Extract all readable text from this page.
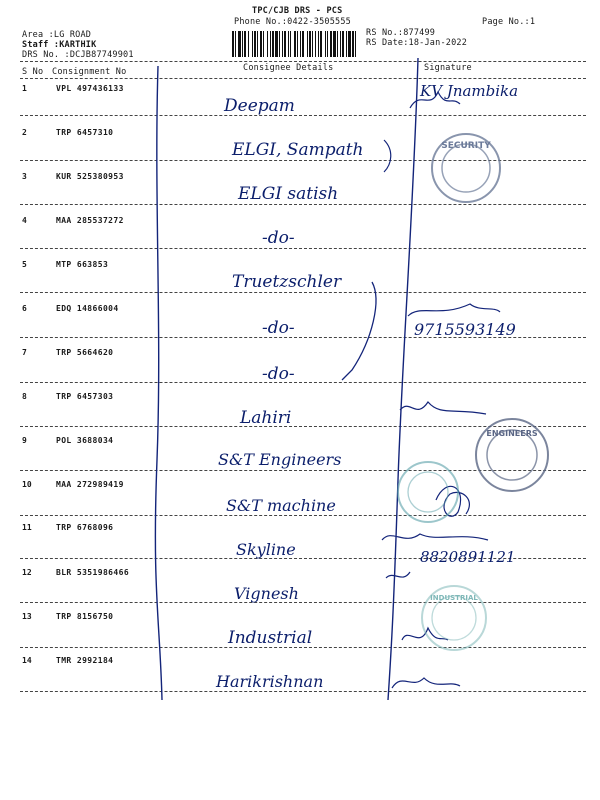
TPC/CJB DRS - PCS
Phone No.:0422-3505555	Page No.:1
Area :LG ROAD
Staff :KARTHIK
DRS No. :DCJB87749901
RS No.:877499
RS Date:18-Jan-2022
S No Consignment No	Consignee Details	Signature
1	VPL 497436133
Deepam
KV Jnambika
2	TRP 6457310
ELGI, Sampath
3	KUR 525380953
ELGI satish
4	MAA 285537272
-do-
5	MTP 663853
Truetzschler
6	EDQ 14866004
-do-	9715593149
7	TRP 5664620
-do-
8	TRP 6457303
Lahiri
9	POL 3688034
S&T Engineers
10	MAA 272989419
S&T machine
11	TRP 6768096
Skyline	8820891121
12	BLR 5351986466
Vignesh
13	TRP 8156750
Industrial
14	TMR 2992184
Harikrishnan
SECURITY
ENGINEERS
INDUSTRIAL
